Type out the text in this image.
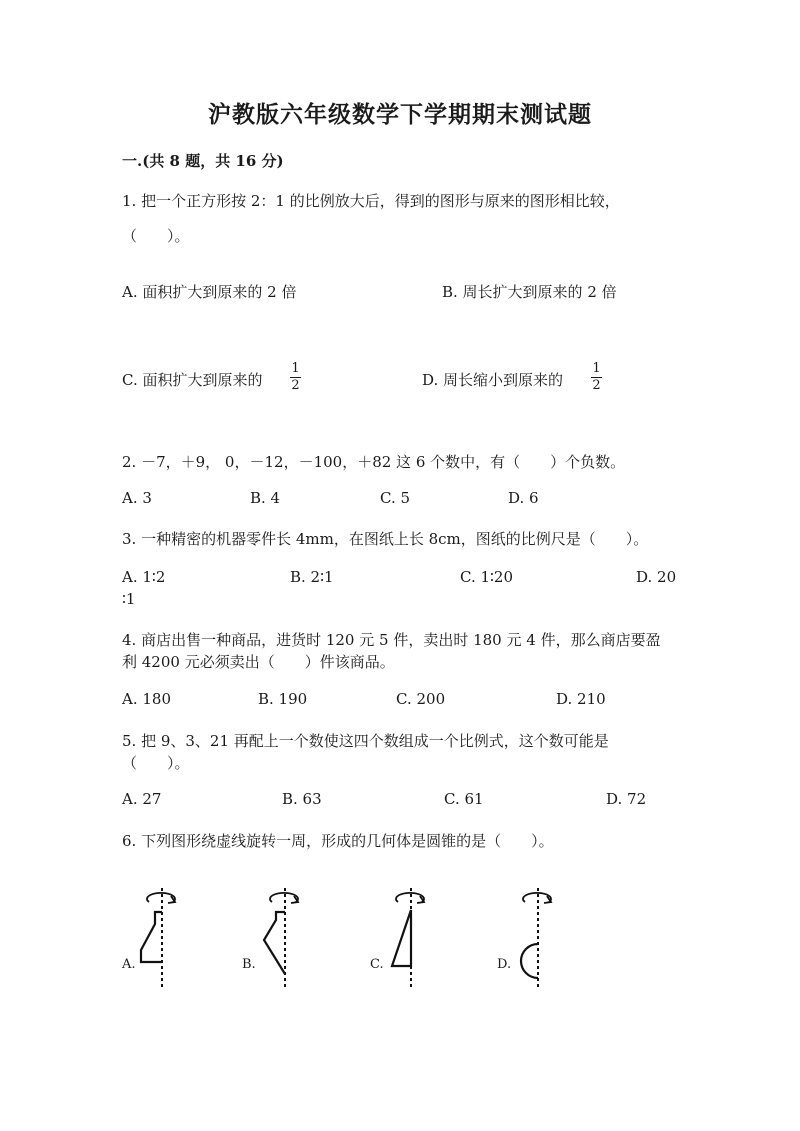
沪教版六年级数学下学期期末测试题
一.(共 8 题，共 16 分)
1. 把一个正方形按 2：1 的比例放大后，得到的图形与原来的图形相比较，
（　　）。
A. 面积扩大到原来的 2 倍	B. 周长扩大到原来的 2 倍
C. 面积扩大到原来的 $\frac{1}{2}$	D. 周长缩小到原来的 $\frac{1}{2}$
2. －7，＋9， 0，－12，－100，＋82 这 6 个数中，有（　　）个负数。
A. 3	B. 4	C. 5	D. 6
3. 一种精密的机器零件长 4mm，在图纸上长 8cm，图纸的比例尺是（　　）。
A. 1∶2	B. 2∶1	C. 1∶20	D. 20
∶1
4. 商店出售一种商品，进货时 120 元 5 件，卖出时 180 元 4 件，那么商店要盈
利 4200 元必须卖出（　　）件该商品。
A. 180	B. 190	C. 200	D. 210
5. 把 9、3、21 再配上一个数使这四个数组成一个比例式，这个数可能是
（　　）。
A. 27	B. 63	C. 61	D. 72
6. 下列图形绕虚线旋转一周，形成的几何体是圆锥的是（　　）。
A.	B.	C.	D.
